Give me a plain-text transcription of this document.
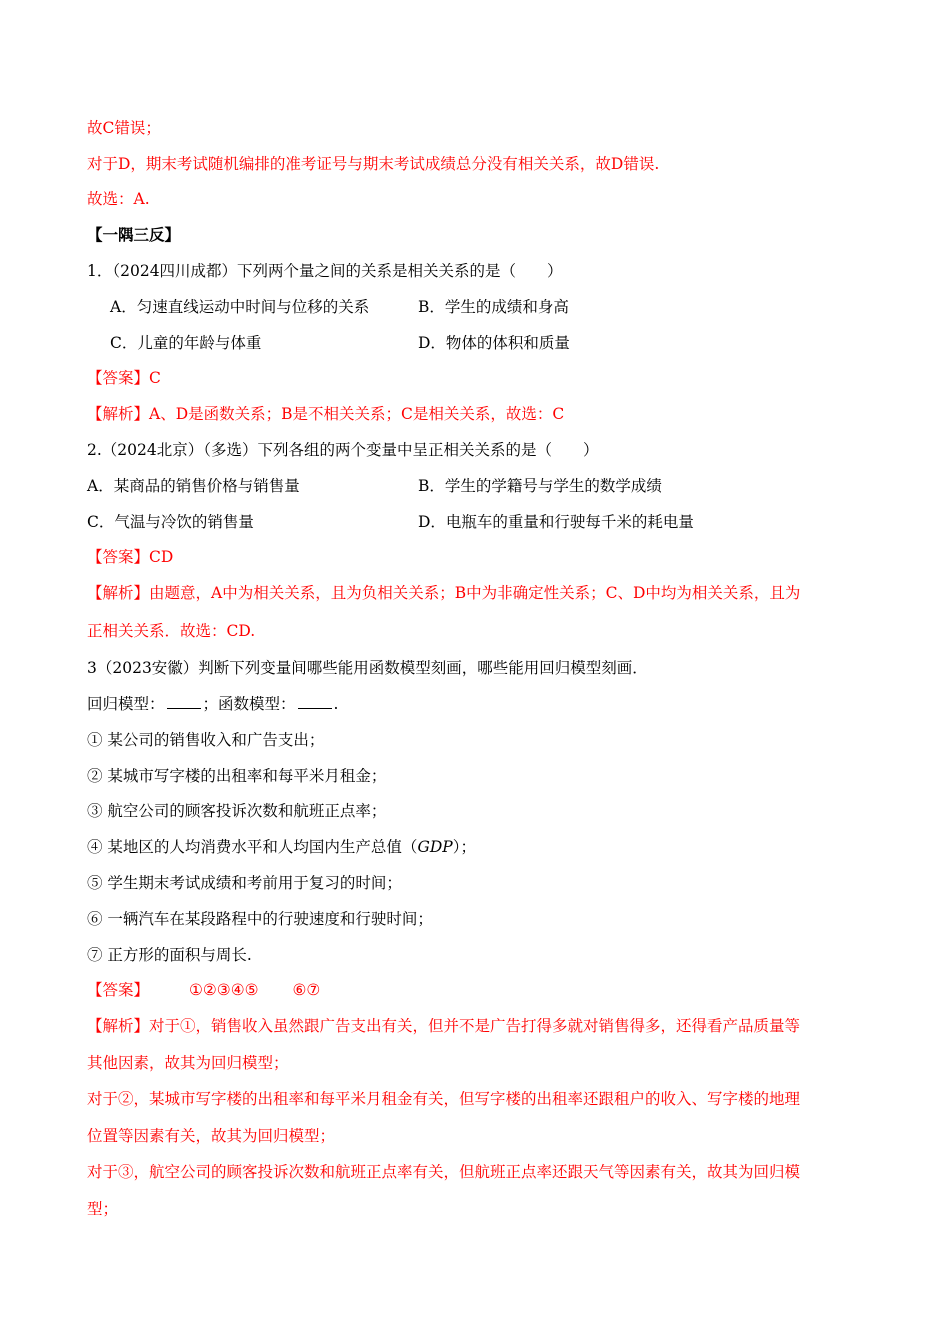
故C错误；
对于D，期末考试随机编排的准考证号与期末考试成绩总分没有相关关系，故D错误.
故选：A.
【一隅三反】
1．（2024四川成都）下列两个量之间的关系是相关关系的是（　　）
A．匀速直线运动中时间与位移的关系	B．学生的成绩和身高
C．儿童的年龄与体重	D．物体的体积和质量
【答案】C
【解析】A、D是函数关系；B是不相关关系；C是相关关系，故选：C
2.（2024北京）（多选）下列各组的两个变量中呈正相关关系的是（　　）
A．某商品的销售价格与销售量	B．学生的学籍号与学生的数学成绩
C．气温与冷饮的销售量	D．电瓶车的重量和行驶每千米的耗电量
【答案】CD
【解析】由题意，A中为相关关系，且为负相关关系；B中为非确定性关系；C、D中均为相关关系，且为
正相关关系．故选：CD.
3（2023安徽）判断下列变量间哪些能用函数模型刻画，哪些能用回归模型刻画．
回归模型： ；函数模型： .
① 某公司的销售收入和广告支出；
② 某城市写字楼的出租率和每平米月租金；
③ 航空公司的顾客投诉次数和航班正点率；
④ 某地区的人均消费水平和人均国内生产总值（GDP）；
⑤ 学生期末考试成绩和考前用于复习的时间；
⑥ 一辆汽车在某段路程中的行驶速度和行驶时间；
⑦ 正方形的面积与周长.
【答案】	①②③④⑤ ⑥⑦
【解析】对于①，销售收入虽然跟广告支出有关，但并不是广告打得多就对销售得多，还得看产品质量等
其他因素，故其为回归模型；
对于②，某城市写字楼的出租率和每平米月租金有关，但写字楼的出租率还跟租户的收入、写字楼的地理
位置等因素有关，故其为回归模型；
对于③，航空公司的顾客投诉次数和航班正点率有关，但航班正点率还跟天气等因素有关，故其为回归模
型；
